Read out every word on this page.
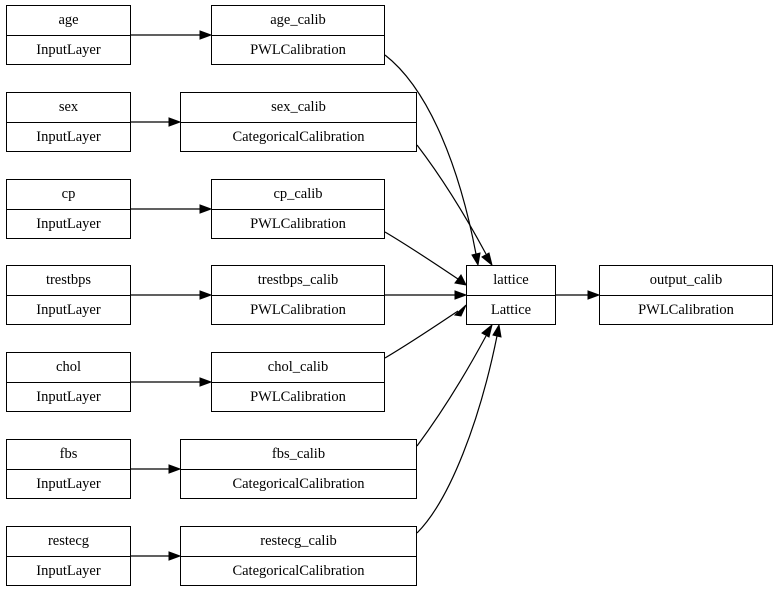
age
InputLayer
age_calib
PWLCalibration
sex
InputLayer
sex_calib
CategoricalCalibration
cp
InputLayer
cp_calib
PWLCalibration
trestbps
InputLayer
trestbps_calib
PWLCalibration
chol
InputLayer
chol_calib
PWLCalibration
fbs
InputLayer
fbs_calib
CategoricalCalibration
restecg
InputLayer
restecg_calib
CategoricalCalibration
lattice
Lattice
output_calib
PWLCalibration
